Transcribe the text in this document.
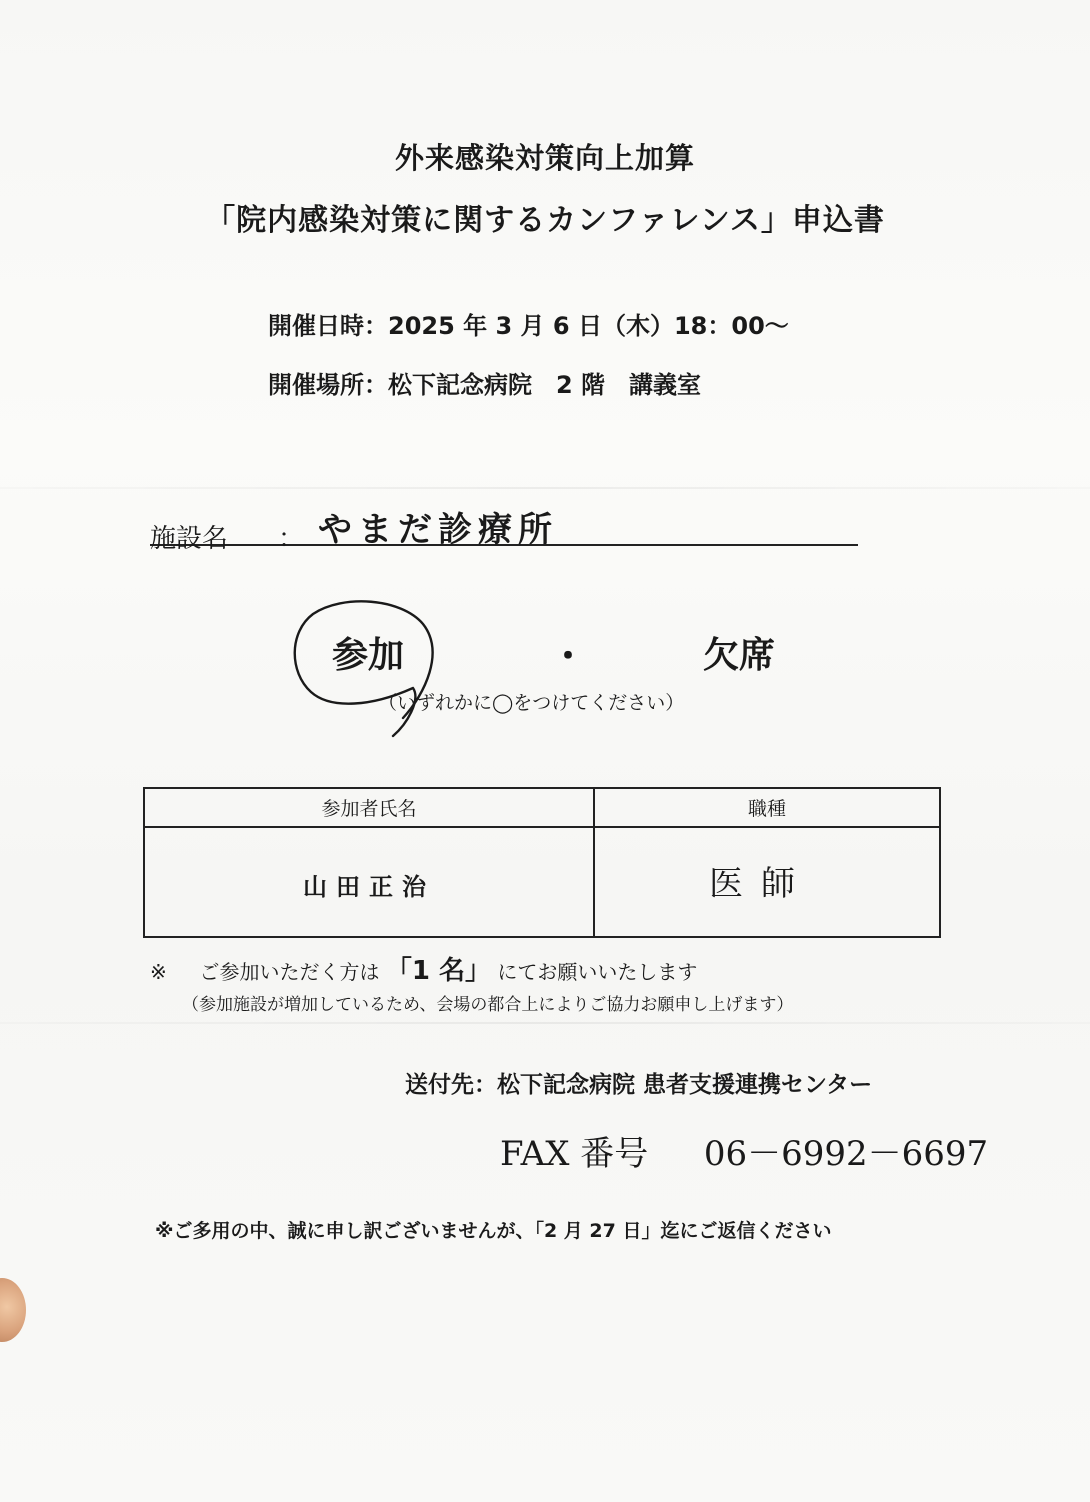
外来感染対策向上加算
「院内感染対策に関するカンファレンス」申込書
開催日時：2025 年 3 月 6 日（木）18：00～
開催場所：松下記念病院　2 階　講義室
施設名 ： やまだ診療所
参加	・	欠席
（いずれかに◯をつけてください）
参加者氏名	職種
山田正治	医師
※ ご参加いただく方は 「1 名」 にてお願いいたします
（参加施設が増加しているため、会場の都合上によりご協力お願申し上げます）
送付先：松下記念病院 患者支援連携センター
FAX 番号 06－6992－6697
※ご多用の中、誠に申し訳ございませんが、「2 月 27 日」迄にご返信ください
